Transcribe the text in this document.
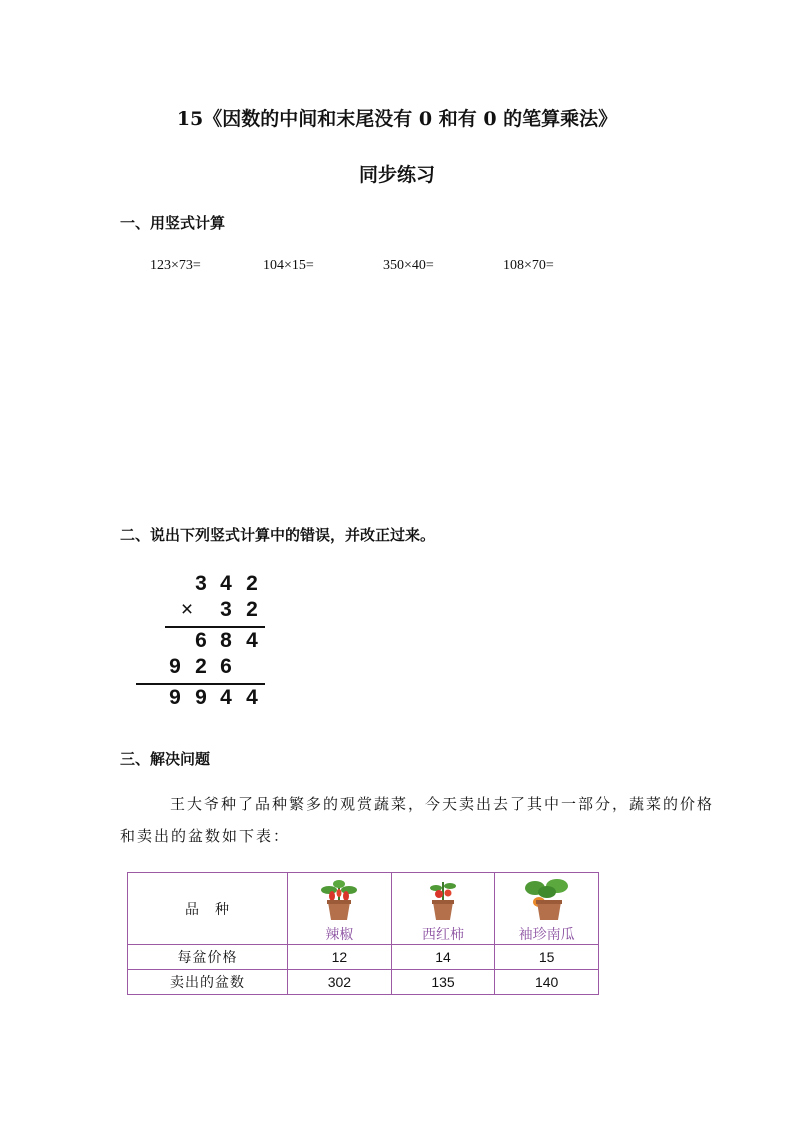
15《因数的中间和末尾没有 0 和有 0 的笔算乘法》
同步练习
一、用竖式计算
123×73=	104×15=	350×40=	108×70=
二、说出下列竖式计算中的错误，并改正过来。
3 4 2
×	3 2
6 8 4
9 2 6
9 9 4 4
三、解决问题
王大爷种了品种繁多的观赏蔬菜，今天卖出去了其中一部分，蔬菜的价格
和卖出的盆数如下表：
品　种	辣椒	西红柿	袖珍南瓜

每盆价格	12	14	15
卖出的盆数	302	135	140
